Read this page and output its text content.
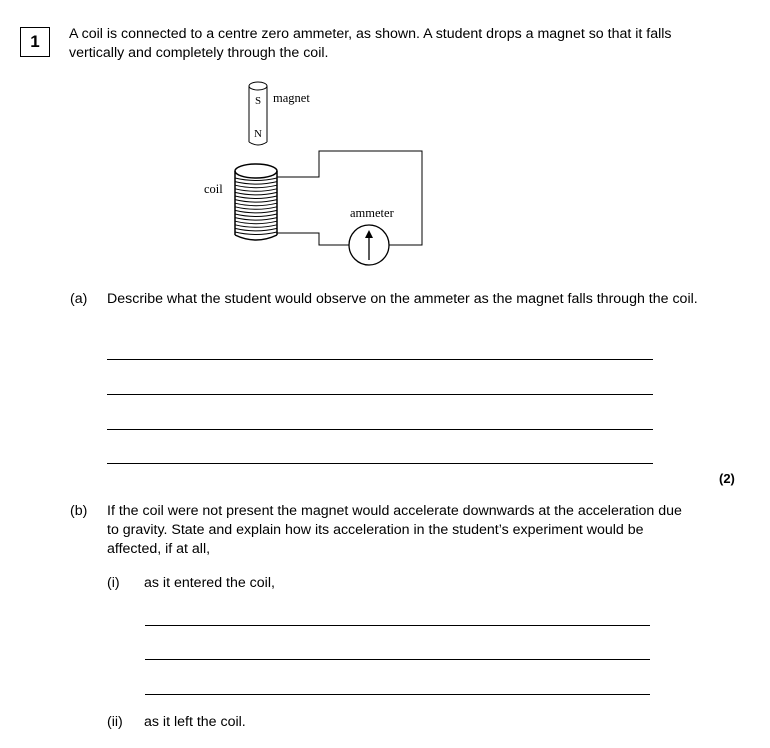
1 A coil is connected to a centre zero ammeter, as shown. A student drops a magnet so that it falls vertically and completely through the coil.
S
N
magnet
coil
ammeter
(a) Describe what the student would observe on the ammeter as the magnet falls through the coil.
(2)
(b) If the coil were not present the magnet would accelerate downwards at the acceleration due to gravity. State and explain how its acceleration in the student’s experiment would be affected, if at all,
(i) as it entered the coil,
(ii) as it left the coil.
